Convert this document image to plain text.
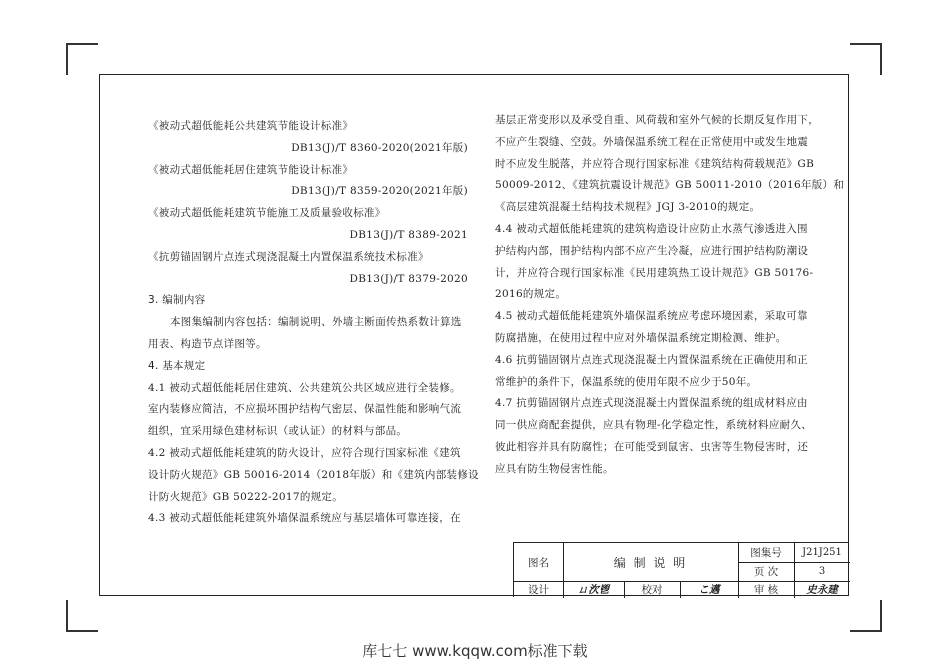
《被动式超低能耗公共建筑节能设计标准》
DB13(J)/T 8360-2020(2021年版)
《被动式超低能耗居住建筑节能设计标准》
DB13(J)/T 8359-2020(2021年版)
《被动式超低能耗建筑节能施工及质量验收标准》
DB13(J)/T 8389-2021
《抗剪锚固钢片点连式现浇混凝土内置保温系统技术标准》
DB13(J)/T 8379-2020
3. 编制内容
本图集编制内容包括：编制说明、外墙主断面传热系数计算选
用表、构造节点详图等。
4. 基本规定
4.1 被动式超低能耗居住建筑、公共建筑公共区域应进行全装修。
室内装修应简洁，不应损坏围护结构气密层、保温性能和影响气流
组织，宜采用绿色建材标识（或认证）的材料与部品。
4.2 被动式超低能耗建筑的防火设计，应符合现行国家标准《建筑
设计防火规范》GB 50016-2014（2018年版）和《建筑内部装修设
计防火规范》GB 50222-2017的规定。
4.3 被动式超低能耗建筑外墙保温系统应与基层墙体可靠连接，在
基层正常变形以及承受自重、风荷载和室外气候的长期反复作用下，
不应产生裂缝、空鼓。外墙保温系统工程在正常使用中或发生地震
时不应发生脱落，并应符合现行国家标准《建筑结构荷载规范》GB
50009-2012、《建筑抗震设计规范》GB 50011-2010（2016年版）和
《高层建筑混凝土结构技术规程》JGJ 3-2010的规定。
4.4 被动式超低能耗建筑的建筑构造设计应防止水蒸气渗透进入围
护结构内部，围护结构内部不应产生冷凝，应进行围护结构防潮设
计，并应符合现行国家标准《民用建筑热工设计规范》GB 50176-
2016的规定。
4.5 被动式超低能耗建筑外墙保温系统应考虑环境因素，采取可靠
防腐措施，在使用过程中应对外墙保温系统定期检测、维护。
4.6 抗剪锚固钢片点连式现浇混凝土内置保温系统在正确使用和正
常维护的条件下，保温系统的使用年限不应少于50年。
4.7 抗剪锚固钢片点连式现浇混凝土内置保温系统的组成材料应由
同一供应商配套提供，应具有物理-化学稳定性，系统材料应耐久、
彼此相容并具有防腐性；在可能受到鼠害、虫害等生物侵害时，还
应具有防生物侵害性能。
图名	编 制 说 明
图集号	J21J251
页 次	3
设计	ㄩ㳄鬯	校对	こ邁	审 核	史永建
库七七 www.kqqw.com标准下载
